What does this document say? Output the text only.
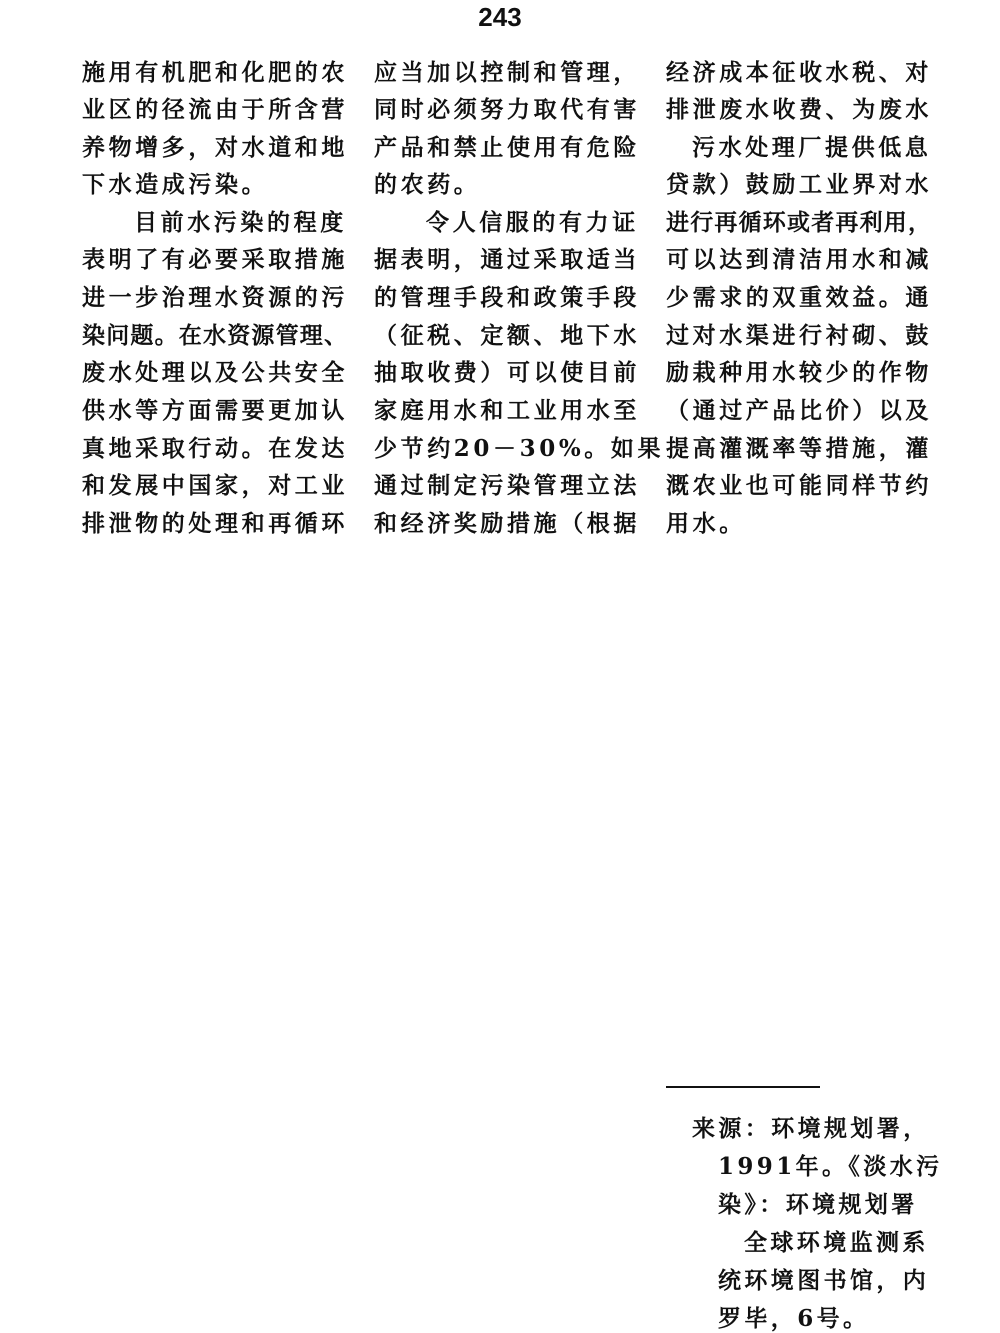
243
施用有机肥和化肥的农
业区的径流由于所含营
养物增多，对水道和地
下水造成污染。
目前水污染的程度
表明了有必要采取措施
进一步治理水资源的污
染问题。在水资源管理、
废水处理以及公共安全
供水等方面需要更加认
真地采取行动。在发达
和发展中国家，对工业
排泄物的处理和再循环
应当加以控制和管理，
同时必须努力取代有害
产品和禁止使用有危险
的农药。
令人信服的有力证
据表明，通过采取适当
的管理手段和政策手段
（征税、定额、地下水
抽取收费）可以使目前
家庭用水和工业用水至
少节约20－30%。如果
通过制定污染管理立法
和经济奖励措施（根据
经济成本征收水税、对
排泄废水收费、为废水
污水处理厂提供低息
贷款）鼓励工业界对水
进行再循环或者再利用，
可以达到清洁用水和减
少需求的双重效益。通
过对水渠进行衬砌、鼓
励栽种用水较少的作物
（通过产品比价）以及
提高灌溉率等措施，灌
溉农业也可能同样节约
用水。
来源：环境规划署，
1991年。《淡水污
染》：环境规划署
全球环境监测系
统环境图书馆，内
罗毕，6号。
